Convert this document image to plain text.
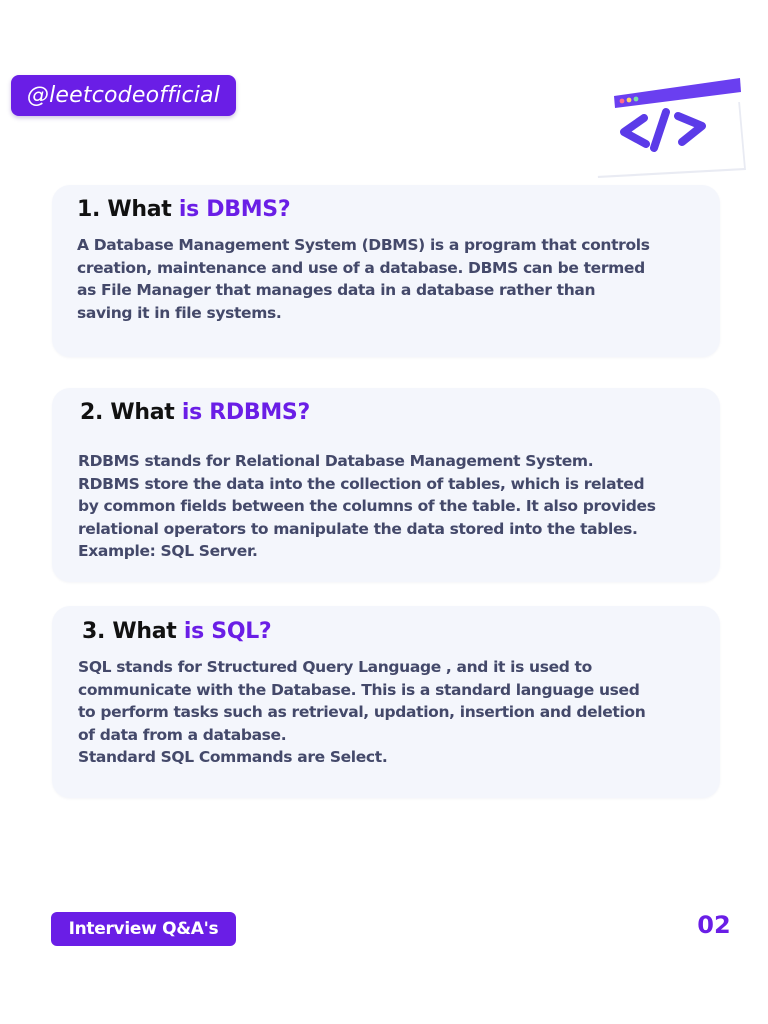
@leetcodeofficial
1. What is DBMS?
A Database Management System (DBMS) is a program that controls
creation, maintenance and use of a database. DBMS can be termed
as File Manager that manages data in a database rather than
saving it in file systems.
2. What is RDBMS?
RDBMS stands for Relational Database Management System.
RDBMS store the data into the collection of tables, which is related
by common fields between the columns of the table. It also provides
relational operators to manipulate the data stored into the tables.
Example: SQL Server.
3. What is SQL?
SQL stands for Structured Query Language , and it is used to
communicate with the Database. This is a standard language used
to perform tasks such as retrieval, updation, insertion and deletion
of data from a database.
Standard SQL Commands are Select.
Interview Q&A's	02
